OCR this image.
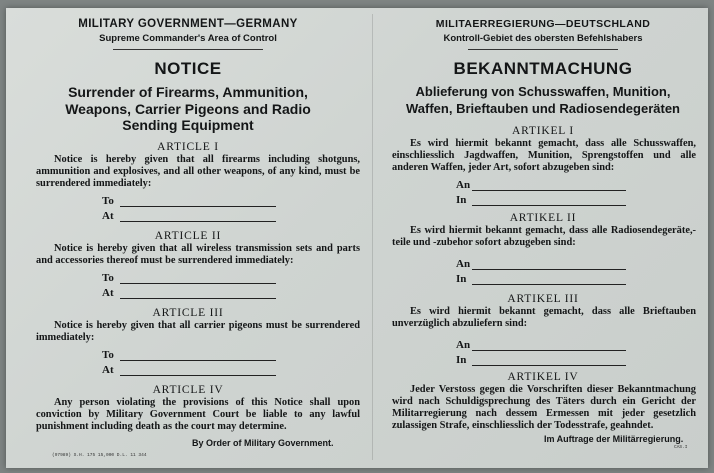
MILITARY GOVERNMENT—GERMANY
Supreme Commander's Area of Control
NOTICE
Surrender of Firearms, Ammunition,
Weapons, Carrier Pigeons and Radio
Sending Equipment
ARTICLE I
Notice is hereby given that all firearms including shotguns, ammunition and explosives, and all other weapons, of any kind, must be surrendered immediately:
To
At
ARTICLE II
Notice is hereby given that all wireless transmission sets and parts and accessories thereof must be surrendered immediately:
To
At
ARTICLE III
Notice is hereby given that all carrier pigeons must be surrendered immediately:
To
At
ARTICLE IV
Any person violating the provisions of this Notice shall upon conviction by Military Government Court be liable to any lawful punishment including death as the court may determine.
By Order of Military Government.
(97989) S.H. 175 15,000 D.L. 11 344
MILITAERREGIERUNG—DEUTSCHLAND
Kontroll-Gebiet des obersten Befehlshabers
BEKANNTMACHUNG
Ablieferung von Schusswaffen, Munition,
Waffen, Brieftauben und Radiosendegeräten
ARTIKEL I
Es wird hiermit bekannt gemacht, dass alle Schusswaffen, einschliesslich Jagdwaffen, Munition, Sprengstoffen und alle anderen Waffen, jeder Art, sofort abzugeben sind:
An
In
ARTIKEL II
Es wird hiermit bekannt gemacht, dass alle Radiosendegeräte,-teile und -zubehor sofort abzugeben sind:
An
In
ARTIKEL III
Es wird hiermit bekannt gemacht, dass alle Brieftauben unverzüglich abzuliefern sind:
An
In
ARTIKEL IV
Jeder Verstoss gegen die Vorschriften dieser Bekanntmachung wird nach Schuldigsprechung des Täters durch ein Gericht der Militarregierung nach dessem Ermessen mit jeder gesetzlich zulassigen Strafe, einschliesslich der Todesstrafe, geahndet.
Im Auftrage der Militärregierung.
CAS.I
